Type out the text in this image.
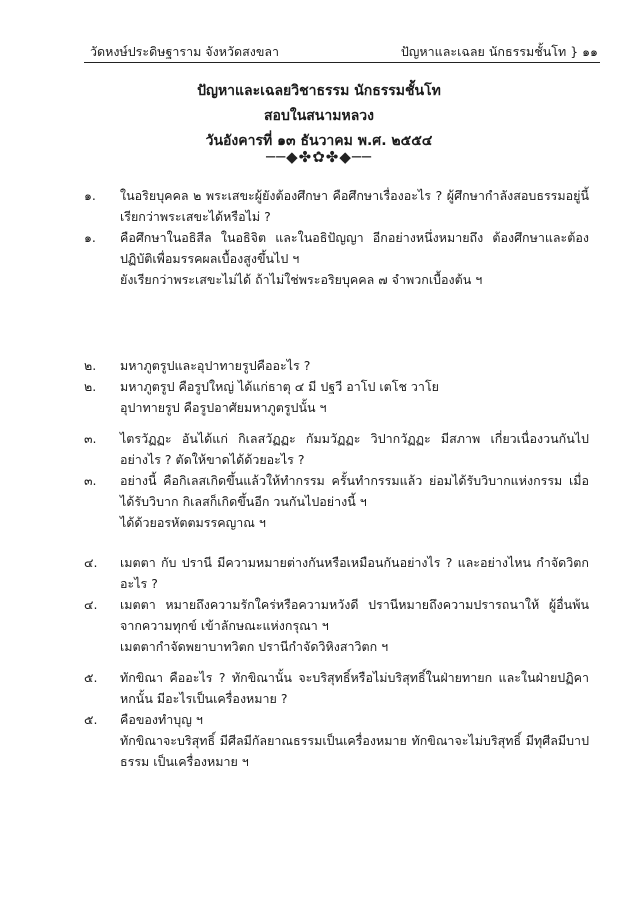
วัดหงษ์ประดิษฐาราม จังหวัดสงขลา	ปัญหาและเฉลย นักธรรมชั้นโท } ๑๑
ปัญหาและเฉลยวิชาธรรม นักธรรมชั้นโท
สอบในสนามหลวง
วันอังคารที่ ๑๓ ธันวาคม พ.ศ. ๒๕๕๔
──◆✤✿✤◆──
๑. ในอริยบุคคล ๒ พระเสขะผู้ยังต้องศึกษา คือศึกษาเรื่องอะไร ? ผู้ศึกษากำลังสอบธรรมอยู่นี้เรียกว่าพระเสขะได้หรือไม่ ?
๑. คือศึกษาในอธิสีล ในอธิจิต และในอธิปัญญา อีกอย่างหนึ่งหมายถึง ต้องศึกษาและต้องปฏิบัติเพื่อมรรคผลเบื้องสูงขึ้นไป ฯ
ยังเรียกว่าพระเสขะไม่ได้ ถ้าไม่ใช่พระอริยบุคคล ๗ จำพวกเบื้องต้น ฯ
๒. มหาภูตรูปและอุปาทายรูปคืออะไร ?
๒. มหาภูตรูป คือรูปใหญ่ ได้แก่ธาตุ ๔ มี ปฐวี อาโป เตโช วาโย
อุปาทายรูป คือรูปอาศัยมหาภูตรูปนั้น ฯ
๓. ไตรวัฏฏะ อันได้แก่ กิเลสวัฏฏะ กัมมวัฏฏะ วิปากวัฏฏะ มีสภาพ เกี่ยวเนื่องวนกันไปอย่างไร ? ตัดให้ขาดได้ด้วยอะไร ?
๓. อย่างนี้ คือกิเลสเกิดขึ้นแล้วให้ทำกรรม ครั้นทำกรรมแล้ว ย่อมได้รับวิบากแห่งกรรม เมื่อได้รับวิบาก กิเลสก็เกิดขึ้นอีก วนกันไปอย่างนี้ ฯ
ได้ด้วยอรหัตตมรรคญาณ ฯ
๔. เมตตา กับ ปรานี มีความหมายต่างกันหรือเหมือนกันอย่างไร ? และอย่างไหน กำจัดวิตกอะไร ?
๔. เมตตา หมายถึงความรักใคร่หรือความหวังดี ปรานีหมายถึงความปรารถนาให้ ผู้อื่นพ้นจากความทุกข์ เข้าลักษณะแห่งกรุณา ฯ
เมตตากำจัดพยาบาทวิตก ปรานีกำจัดวิหิงสาวิตก ฯ
๕. ทักขิณา คืออะไร ? ทักขิณานั้น จะบริสุทธิ์หรือไม่บริสุทธิ์ในฝ่ายทายก และในฝ่ายปฏิคาหกนั้น มีอะไรเป็นเครื่องหมาย ?
๕. คือของทำบุญ ฯ
ทักขิณาจะบริสุทธิ์ มีศีลมีกัลยาณธรรมเป็นเครื่องหมาย ทักขิณาจะไม่บริสุทธิ์ มีทุศีลมีบาปธรรม เป็นเครื่องหมาย ฯ
